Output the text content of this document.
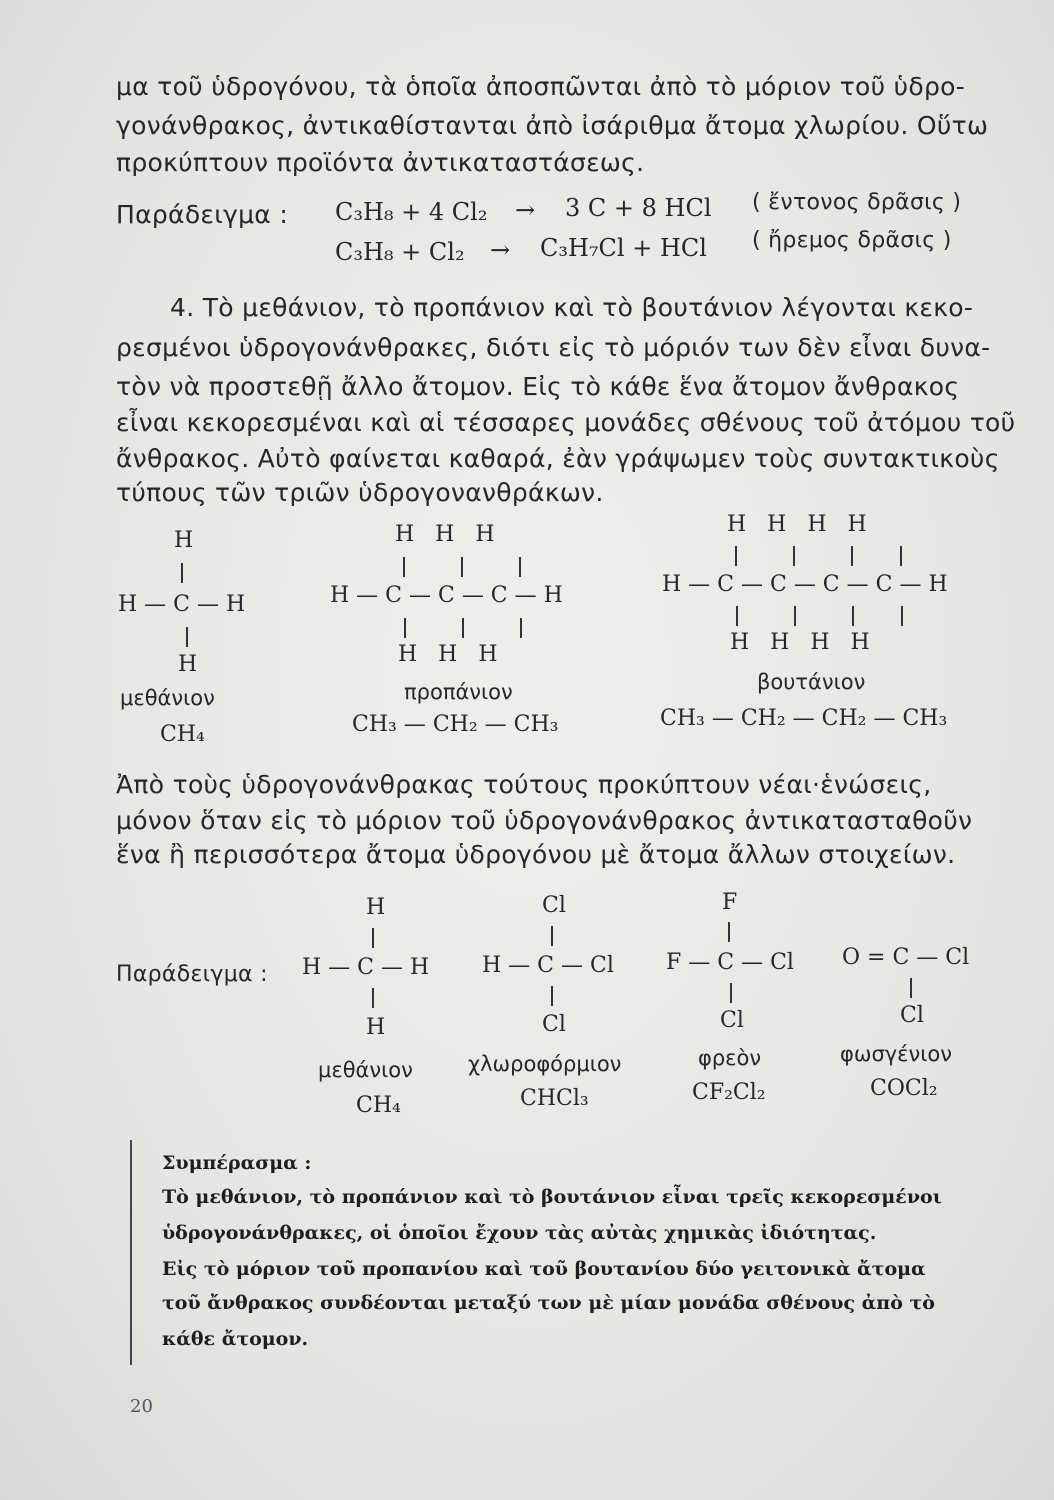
μα τοῦ ὑδρογόνου, τὰ ὁποῖα ἀποσπῶνται ἀπὸ τὸ μόριον τοῦ ὑδρο-
γονάνθρακος, ἀντικαθίστανται ἀπὸ ἰσάριθμα ἄτομα χλωρίου. Οὕτω
προκύπτουν προϊόντα ἀντικαταστάσεως.
Παράδειγμα : C₃H₈ + 4 Cl₂ → 3 C + 8 HCl ( ἔντονος δρᾶσις )
C₃H₈ + Cl₂ → C₃H₇Cl + HCl ( ἤρεμος δρᾶσις )
4. Τὸ μεθάνιον, τὸ προπάνιον καὶ τὸ βουτάνιον λέγονται κεκο-
ρεσμένοι ὑδρογονάνθρακες, διότι εἰς τὸ μόριόν των δὲν εἶναι δυνα-
τὸν νὰ προστεθῇ ἄλλο ἄτομον. Εἰς τὸ κάθε ἕνα ἄτομον ἄνθρακος
εἶναι κεκορεσμέναι καὶ αἱ τέσσαρες μονάδες σθένους τοῦ ἀτόμου τοῦ
ἄνθρακος. Αὐτὸ φαίνεται καθαρά, ἐὰν γράψωμεν τοὺς συντακτικοὺς
τύπους τῶν τριῶν ὑδρογονανθράκων.
H
H — C — H
H
μεθάνιον
CH₄
H   H   H
H — C — C — C — H
H   H   H
προπάνιον
CH₃ — CH₂ — CH₃
H   H   H   H
H — C — C — C — C — H
H   H   H   H
βουτάνιον
CH₃ — CH₂ — CH₂ — CH₃
Ἀπὸ τοὺς ὑδρογονάνθρακας τούτους προκύπτουν νέαι·ἑνώσεις,
μόνον ὅταν εἰς τὸ μόριον τοῦ ὑδρογονάνθρακος ἀντικατασταθοῦν
ἕνα ἢ περισσότερα ἄτομα ὑδρογόνου μὲ ἄτομα ἄλλων στοιχείων.
Παράδειγμα :
H
H — C — H
H
μεθάνιον
CH₄
Cl
H — C — Cl
Cl
χλωροφόρμιον
CHCl₃
F
F — C — Cl
Cl
φρεὸν
CF₂Cl₂
O = C — Cl
Cl
φωσγένιον
COCl₂
Συμπέρασμα :
Τὸ μεθάνιον, τὸ προπάνιον καὶ τὸ βουτάνιον εἶναι τρεῖς κεκορεσμένοι
ὑδρογονάνθρακες, οἱ ὁποῖοι ἔχουν τὰς αὐτὰς χημικὰς ἰδιότητας.
Εἰς τὸ μόριον τοῦ προπανίου καὶ τοῦ βουτανίου δύο γειτονικὰ ἄτομα
τοῦ ἄνθρακος συνδέονται μεταξύ των μὲ μίαν μονάδα σθένους ἀπὸ τὸ
κάθε ἄτομον.
20
